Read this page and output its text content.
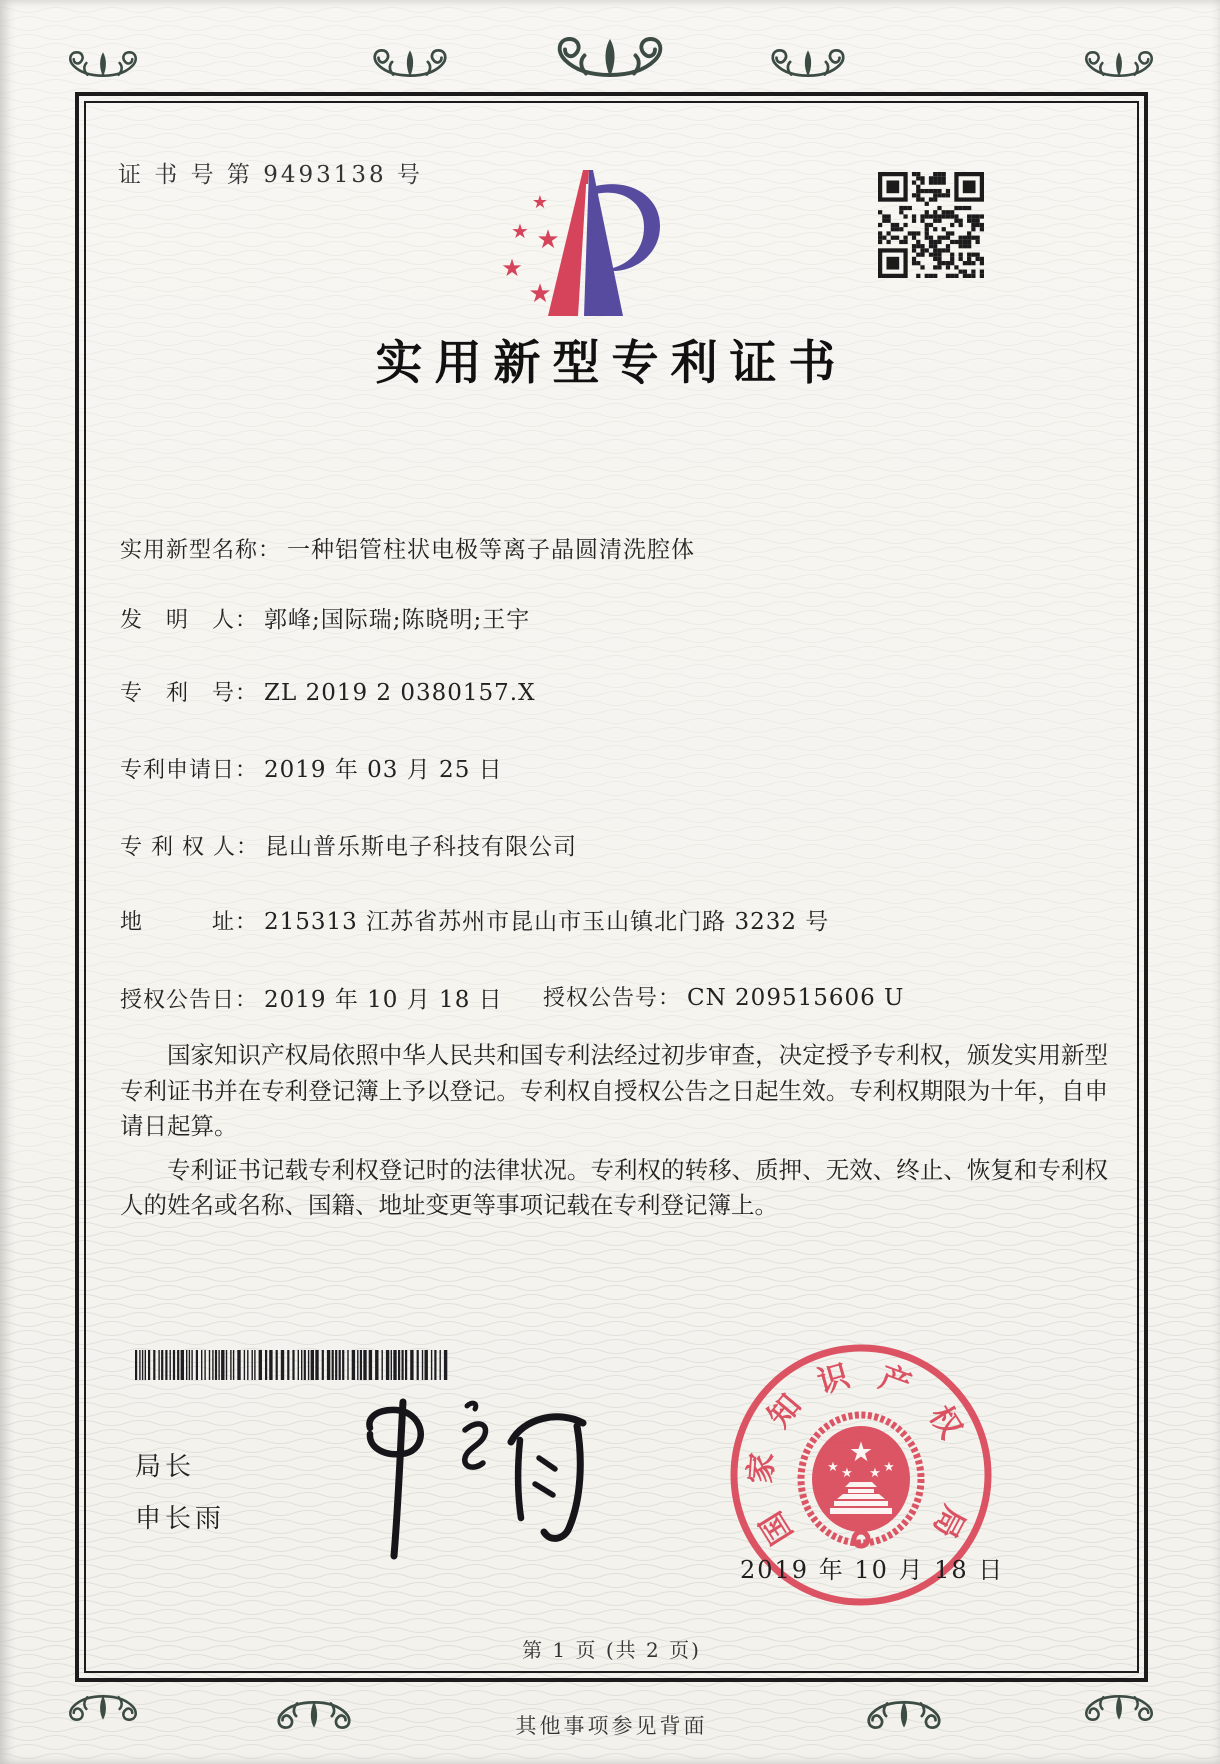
证 书 号 第 9493138 号
★
★ ★
★
★
实用新型专利证书
实用新型名称： 一种铝管柱状电极等离子晶圆清洗腔体
发　明　人： 郭峰;国际瑞;陈晓明;王宇
专　利　号： ZL 2019 2 0380157.X
专利申请日： 2019 年 03 月 25 日
专 利 权 人： 昆山普乐斯电子科技有限公司
地　　　址： 215313 江苏省苏州市昆山市玉山镇北门路 3232 号
授权公告日： 2019 年 10 月 18 日 授权公告号： CN 209515606 U

国家知识产权局依照中华人民共和国专利法经过初步审查，决定授予专利权，颁发实用新型专利证书并在专利登记簿上予以登记。专利权自授权公告之日起生效。专利权期限为十年，自申请日起算。

专利证书记载专利权登记时的法律状况。专利权的转移、质押、无效、终止、恢复和专利权人的姓名或名称、国籍、地址变更等事项记载在专利登记簿上。

局长
申长雨
★
★ ★ ★ ★
国
家
知
识 产
权
局
2019 年 10 月 18 日
第 1 页 (共 2 页)
其他事项参见背面
